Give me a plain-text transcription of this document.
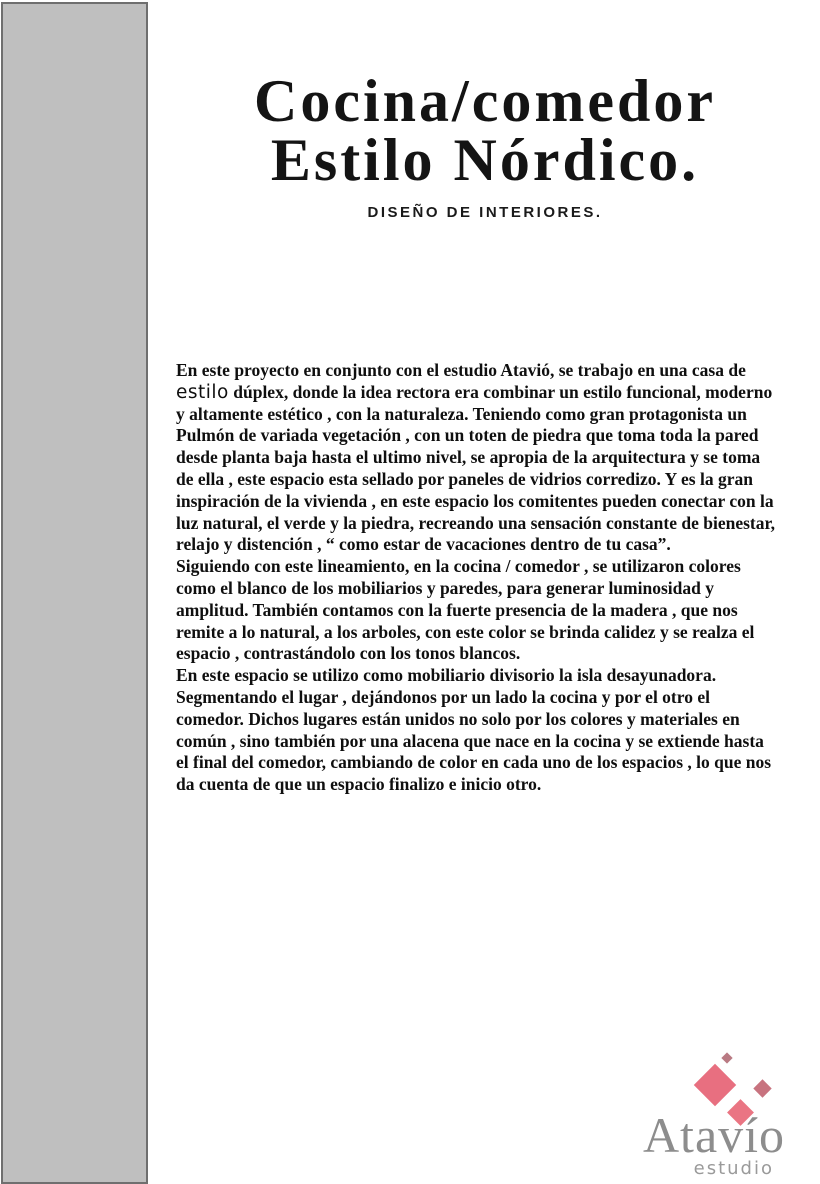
Cocina/comedor
Estilo Nórdico.
DISEÑO DE INTERIORES.
En este proyecto en conjunto con el estudio Atavió, se trabajo en una casa de
estilo dúplex, donde la idea rectora era combinar un estilo funcional, moderno
y altamente estético , con la naturaleza. Teniendo como gran protagonista un
Pulmón de variada vegetación , con un toten de piedra que toma toda la pared
desde planta baja hasta el ultimo nivel, se apropia de la arquitectura y se toma
de ella , este espacio esta sellado por paneles de vidrios corredizo. Y es la gran
inspiración de la vivienda , en este espacio los comitentes pueden conectar con la
luz natural, el verde y la piedra, recreando una sensación constante de bienestar,
relajo y distención , “ como estar de vacaciones dentro de tu casa”.
Siguiendo con este lineamiento, en la cocina / comedor , se utilizaron colores
como el blanco de los mobiliarios y paredes, para generar luminosidad y
amplitud. También contamos con la fuerte presencia de la madera , que nos
remite a lo natural, a los arboles, con este color se brinda calidez y se realza el
espacio , contrastándolo con los tonos blancos.
En este espacio se utilizo como mobiliario divisorio la isla desayunadora.
Segmentando el lugar , dejándonos por un lado la cocina y por el otro el
comedor. Dichos lugares están unidos no solo por los colores y materiales en
común , sino también por una alacena que nace en la cocina y se extiende hasta
el final del comedor, cambiando de color en cada uno de los espacios , lo que nos
da cuenta de que un espacio finalizo e inicio otro.
Atavío
estudio
